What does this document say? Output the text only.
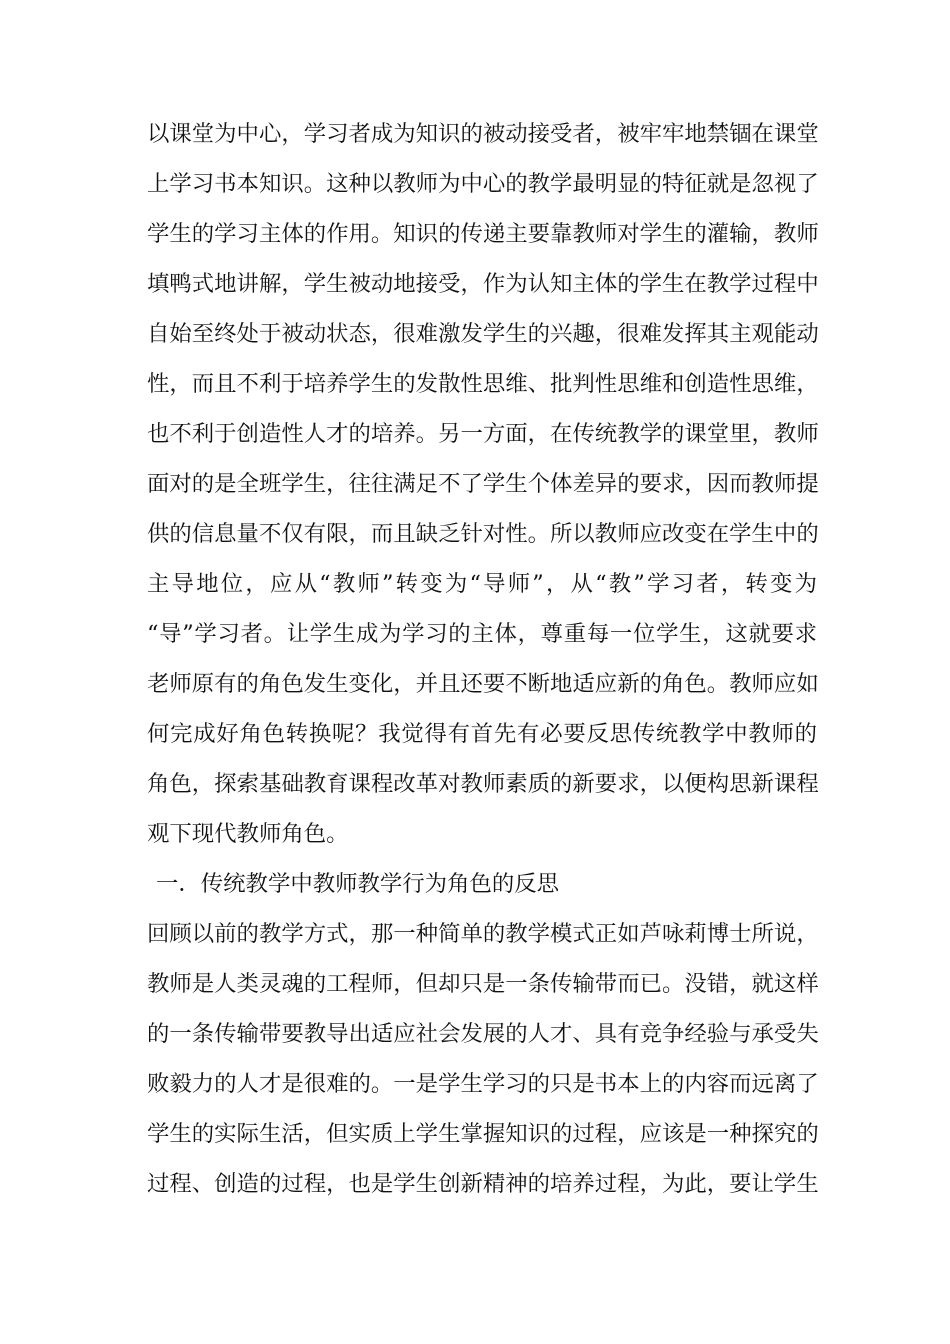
以课堂为中心，学习者成为知识的被动接受者，被牢牢地禁锢在课堂
上学习书本知识。这种以教师为中心的教学最明显的特征就是忽视了
学生的学习主体的作用。知识的传递主要靠教师对学生的灌输，教师
填鸭式地讲解，学生被动地接受，作为认知主体的学生在教学过程中
自始至终处于被动状态，很难激发学生的兴趣，很难发挥其主观能动
性，而且不利于培养学生的发散性思维、批判性思维和创造性思维，
也不利于创造性人才的培养。另一方面，在传统教学的课堂里，教师
面对的是全班学生，往往满足不了学生个体差异的要求，因而教师提
供的信息量不仅有限，而且缺乏针对性。所以教师应改变在学生中的
主导地位，应从“教师”转变为“导师”，从“教”学习者，转变为
“导”学习者。让学生成为学习的主体，尊重每一位学生，这就要求
老师原有的角色发生变化，并且还要不断地适应新的角色。教师应如
何完成好角色转换呢？我觉得有首先有必要反思传统教学中教师的
角色，探索基础教育课程改革对教师素质的新要求，以便构思新课程
观下现代教师角色。
一．传统教学中教师教学行为角色的反思
回顾以前的教学方式，那一种简单的教学模式正如芦咏莉博士所说，
教师是人类灵魂的工程师，但却只是一条传输带而已。没错，就这样
的一条传输带要教导出适应社会发展的人才、具有竞争经验与承受失
败毅力的人才是很难的。一是学生学习的只是书本上的内容而远离了
学生的实际生活，但实质上学生掌握知识的过程，应该是一种探究的
过程、创造的过程，也是学生创新精神的培养过程，为此，要让学生
